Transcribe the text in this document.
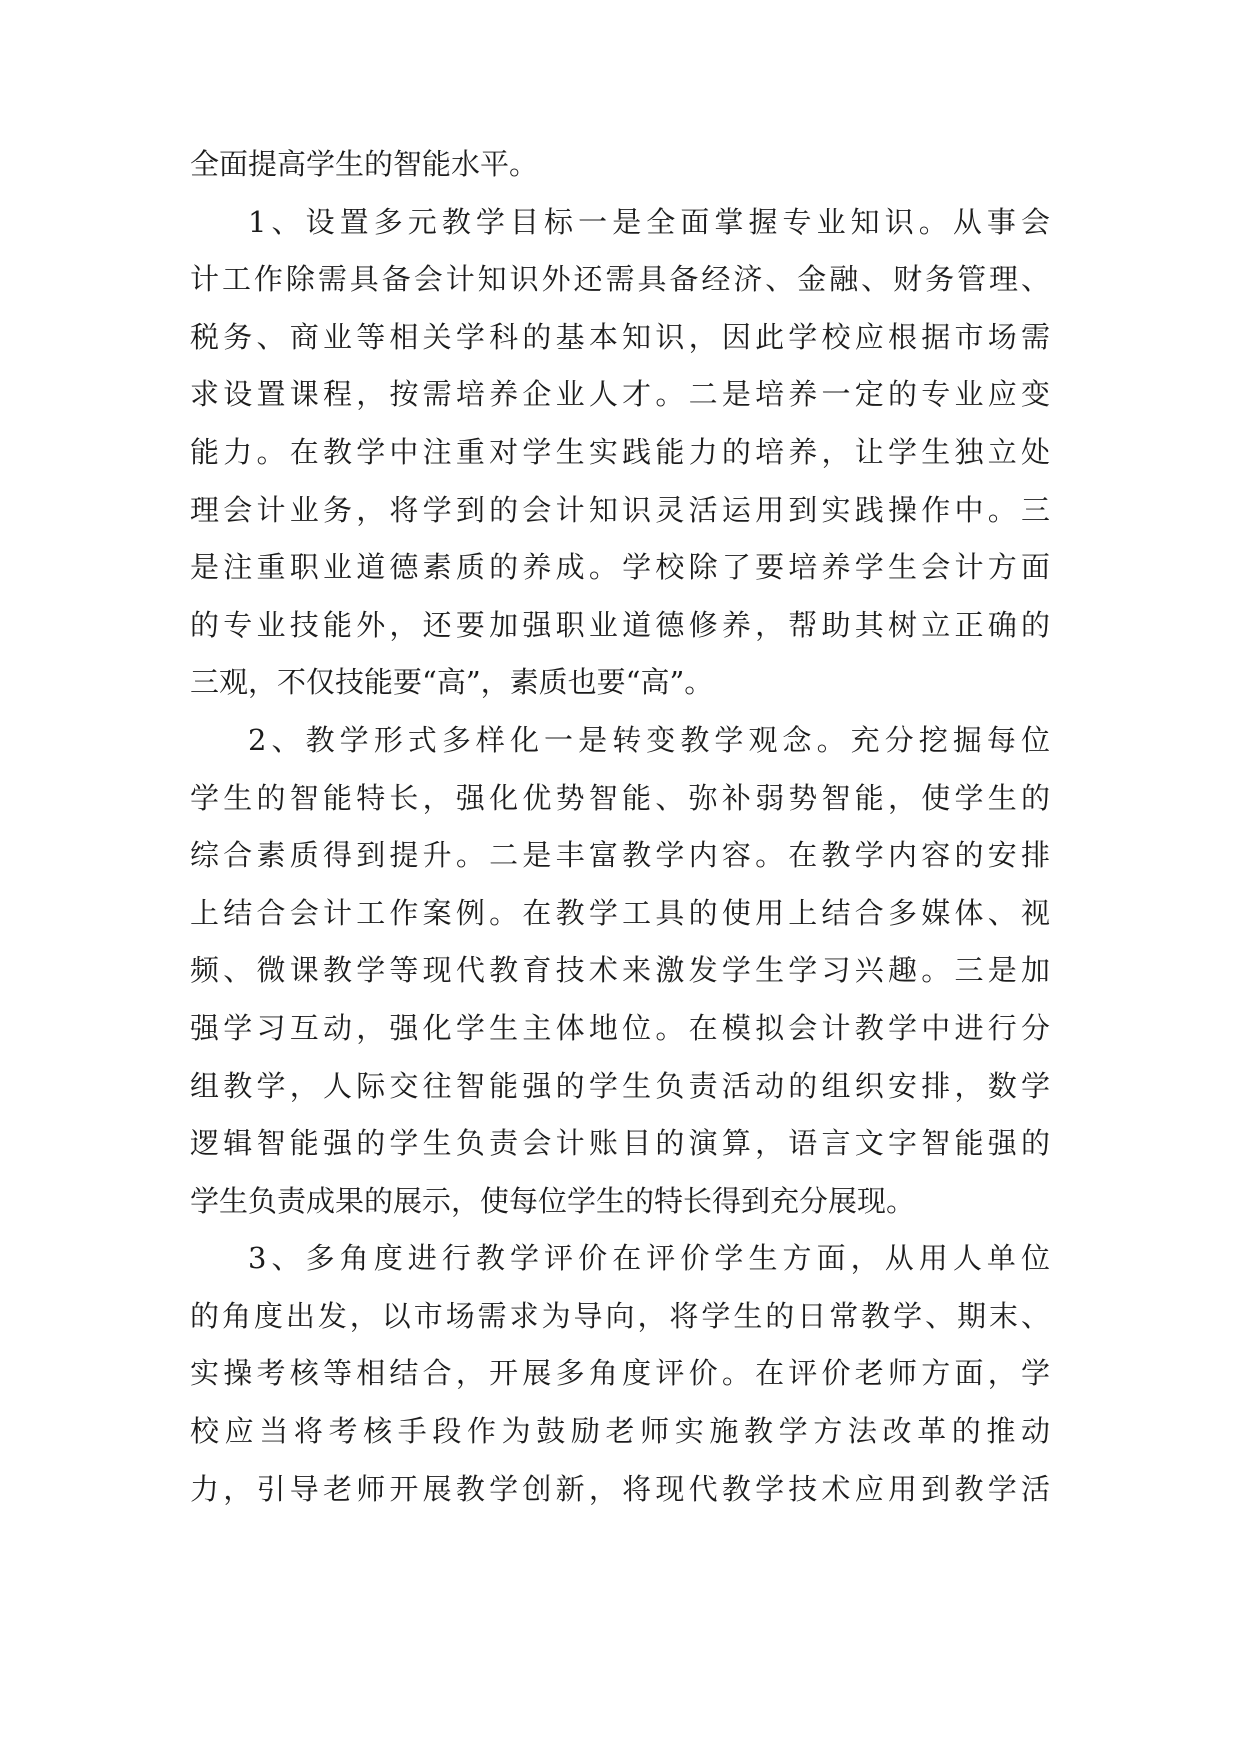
全面提高学生的智能水平。
1、设置多元教学目标一是全面掌握专业知识。从事会
计工作除需具备会计知识外还需具备经济、金融、财务管理、
税务、商业等相关学科的基本知识，因此学校应根据市场需
求设置课程，按需培养企业人才。二是培养一定的专业应变
能力。在教学中注重对学生实践能力的培养，让学生独立处
理会计业务，将学到的会计知识灵活运用到实践操作中。三
是注重职业道德素质的养成。学校除了要培养学生会计方面
的专业技能外，还要加强职业道德修养，帮助其树立正确的
三观，不仅技能要“高”，素质也要“高”。
2、教学形式多样化一是转变教学观念。充分挖掘每位
学生的智能特长，强化优势智能、弥补弱势智能，使学生的
综合素质得到提升。二是丰富教学内容。在教学内容的安排
上结合会计工作案例。在教学工具的使用上结合多媒体、视
频、微课教学等现代教育技术来激发学生学习兴趣。三是加
强学习互动，强化学生主体地位。在模拟会计教学中进行分
组教学，人际交往智能强的学生负责活动的组织安排，数学
逻辑智能强的学生负责会计账目的演算，语言文字智能强的
学生负责成果的展示，使每位学生的特长得到充分展现。
3、多角度进行教学评价在评价学生方面，从用人单位
的角度出发，以市场需求为导向，将学生的日常教学、期末、
实操考核等相结合，开展多角度评价。在评价老师方面，学
校应当将考核手段作为鼓励老师实施教学方法改革的推动
力，引导老师开展教学创新，将现代教学技术应用到教学活
